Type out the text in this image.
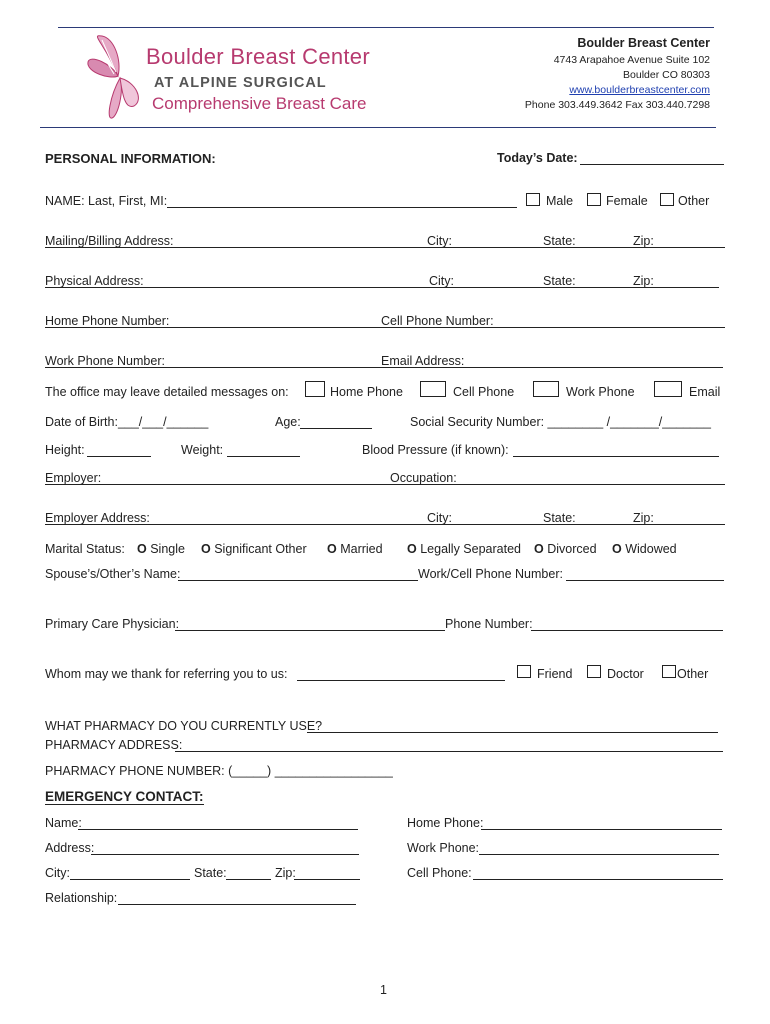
Boulder Breast Center
AT ALPINE SURGICAL
Comprehensive Breast Care
Boulder Breast Center
4743 Arapahoe Avenue Suite 102
Boulder CO 80303
www.boulderbreastcenter.com
Phone 303.449.3642 Fax 303.440.7298
PERSONAL INFORMATION:	Today’s Date:
NAME: Last, First, MI:	Male	Female Other
Mailing/Billing Address:	City:	State:	Zip:
Physical Address:	City:	State:	Zip:
Home Phone Number:	Cell Phone Number:
Work Phone Number:	Email Address:
The office may leave detailed messages on:	Home Phone	Cell Phone	Work Phone	Email
Date of Birth:___/___/______	Age:	Social Security Number: ________ /_______/_______
Height:	Weight:	Blood Pressure (if known):
Employer:	Occupation:
Employer Address:	City:	State:	Zip:
Marital Status: O Single O Significant Other O Married O Legally Separated O Divorced O Widowed
Spouse’s/Other’s Name:	Work/Cell Phone Number:
Primary Care Physician:	Phone Number:
Whom may we thank for referring you to us:	Friend	Doctor	Other
WHAT PHARMACY DO YOU CURRENTLY USE?
PHARMACY ADDRESS:
PHARMACY PHONE NUMBER: (_____) _________________
EMERGENCY CONTACT:
Name:	Home Phone:
Address:	Work Phone:
City:	State:	Zip:	Cell Phone:
Relationship:
1
